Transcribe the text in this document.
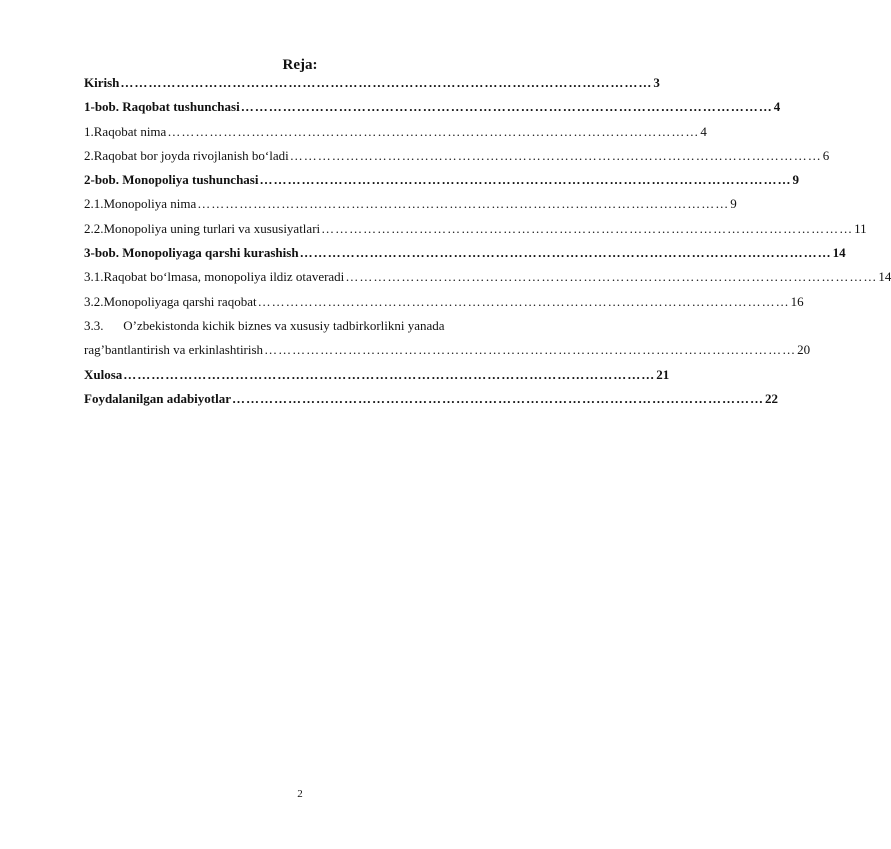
Reja:
Kirish …………………………………………………………………………………………………… 3
1-bob. Raqobat tushunchasi …………………………………………………………………………………………………… 4
1. Raqobat nima …………………………………………………………………………………………………… 4
2. Raqobat bor joyda rivojlanish bo‘ladi …………………………………………………………………………………………………… 6
2-bob. Monopoliya tushunchasi …………………………………………………………………………………………………… 9
2.1. Monopoliya nima …………………………………………………………………………………………………… 9
2.2. Monopoliya uning turlari va xususiyatlari …………………………………………………………………………………………………… 11
3-bob. Monopoliyaga qarshi kurashish …………………………………………………………………………………………………… 14
3.1. Raqobat bo‘lmasa, monopoliya ildiz otaveradi …………………………………………………………………………………………………… 14
3.2. Monopoliyaga qarshi raqobat …………………………………………………………………………………………………… 16
3.3. O’zbekistonda kichik biznes va xususiy tadbirkorlikni yanada
rag’bantlantirish va erkinlashtirish …………………………………………………………………………………………………… 20
Xulosa …………………………………………………………………………………………………… 21
Foydalanilgan adabiyotlar …………………………………………………………………………………………………… 22
2
